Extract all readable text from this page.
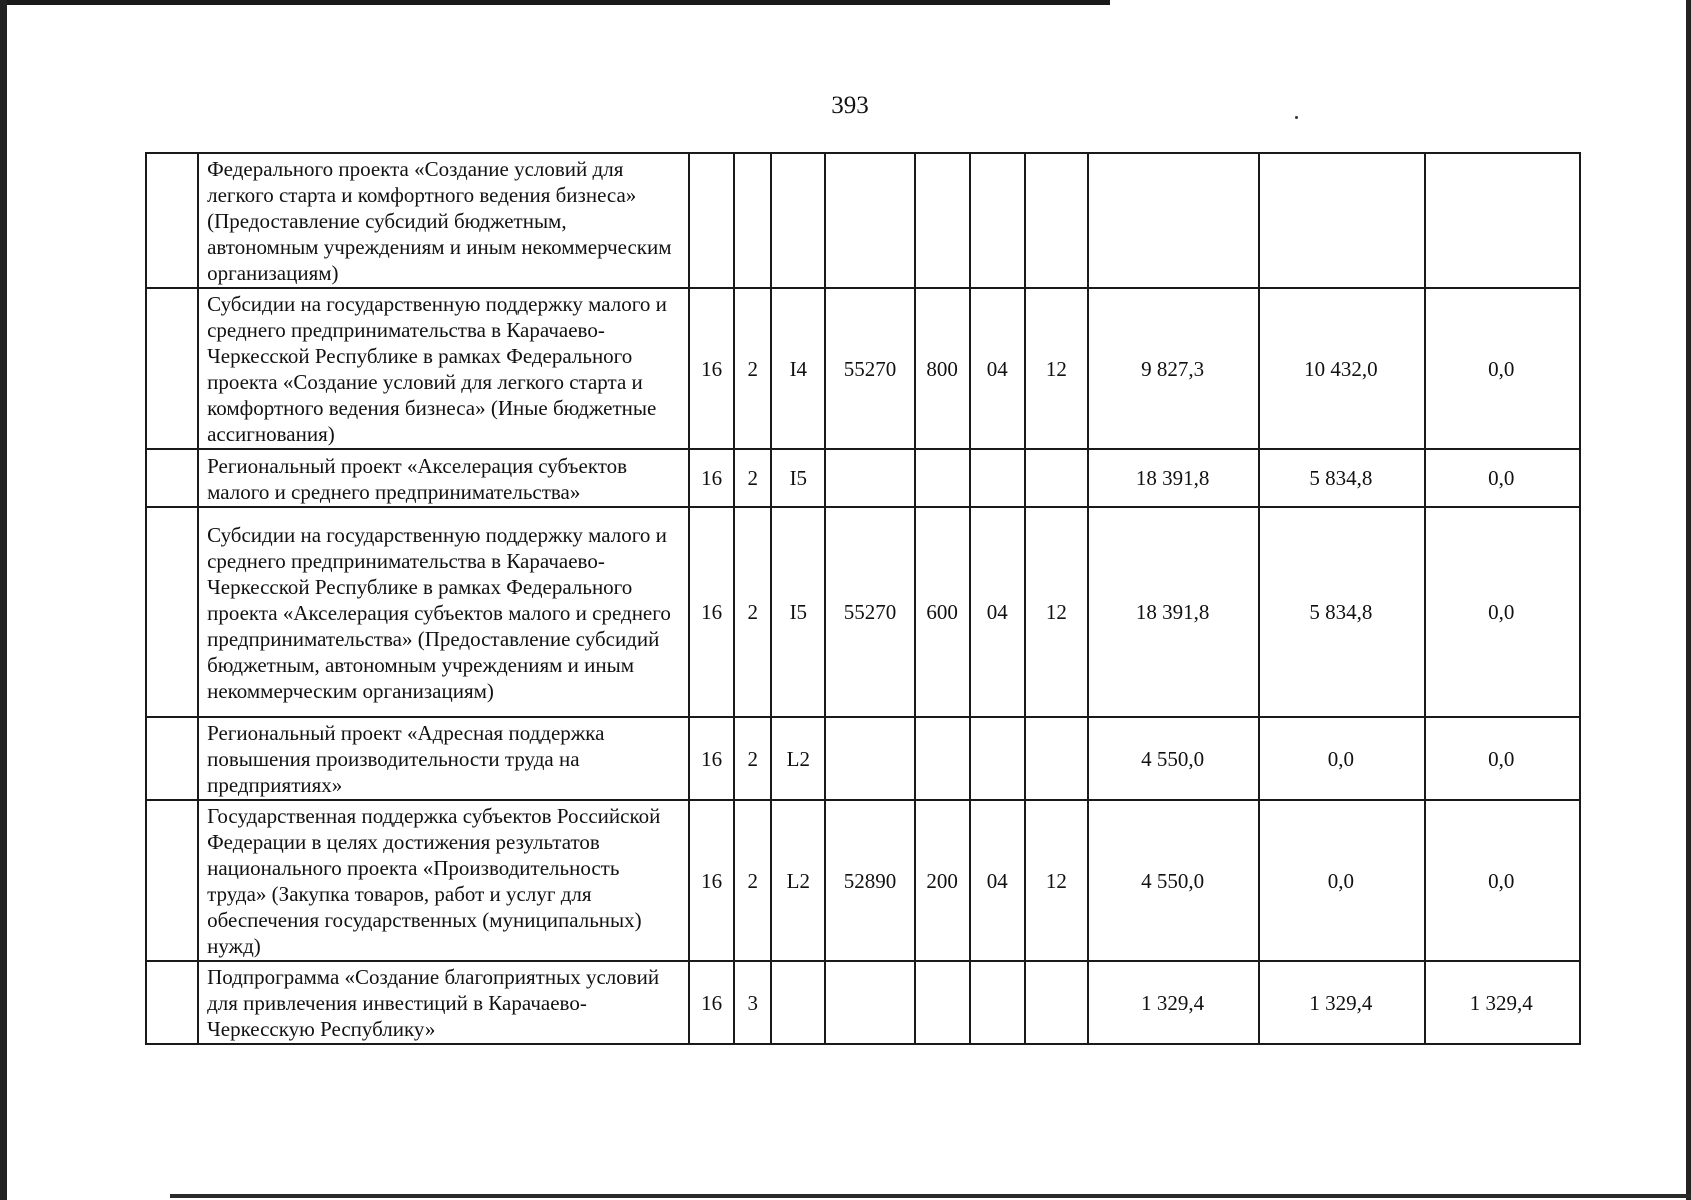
393
	Федерального проекта «Создание условий для легкого старта и комфортного ведения бизнеса» (Предоставление субсидий бюджетным, автономным учреждениям и иным некоммерческим организациям)										
	Субсидии на государственную поддержку малого и среднего предпринимательства в Карачаево-Черкесской Республике в рамках Федерального проекта «Создание условий для легкого старта и комфортного ведения бизнеса» (Иные бюджетные ассигнования)	16	2	I4	55270	800	04	12	9 827,3	10 432,0	0,0
	Региональный проект «Акселерация субъектов малого и среднего предпринимательства»	16	2	I5					18 391,8	5 834,8	0,0
	Субсидии на государственную поддержку малого и среднего предпринимательства в Карачаево-Черкесской Республике в рамках Федерального проекта «Акселерация субъектов малого и среднего предпринимательства» (Предоставление субсидий бюджетным, автономным учреждениям и иным некоммерческим организациям)	16	2	I5	55270	600	04	12	18 391,8	5 834,8	0,0
	Региональный проект «Адресная поддержка повышения производительности труда на предприятиях»	16	2	L2					4 550,0	0,0	0,0
	Государственная поддержка субъектов Российской Федерации в целях достижения результатов национального проекта «Производительность труда» (Закупка товаров, работ и услуг для обеспечения государственных (муниципальных) нужд)	16	2	L2	52890	200	04	12	4 550,0	0,0	0,0
	Подпрограмма «Создание благоприятных условий для привлечения инвестиций в Карачаево-Черкесскую Республику»	16	3						1 329,4	1 329,4	1 329,4
